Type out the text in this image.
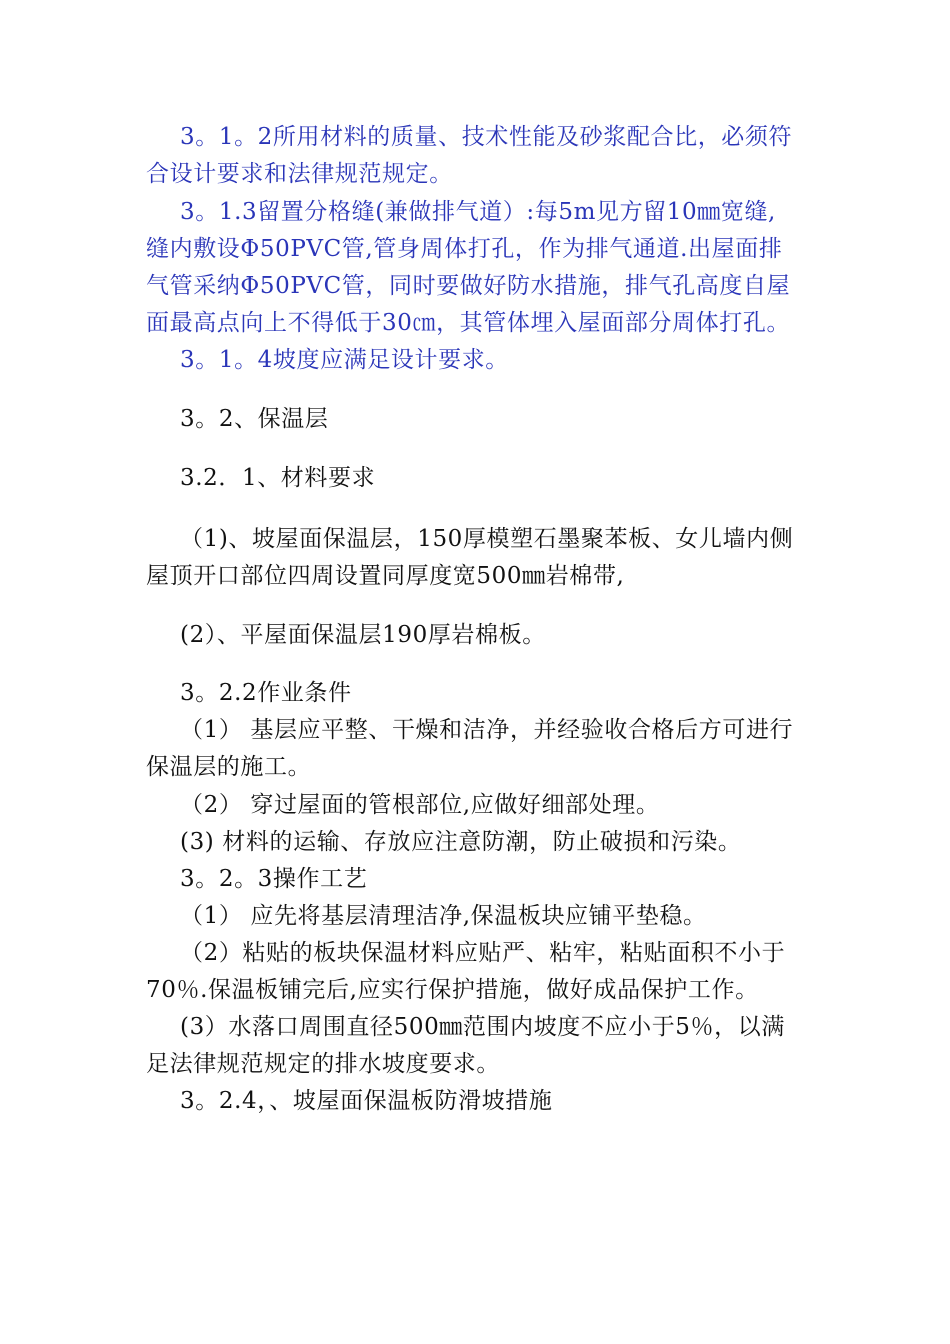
3。1。2所用材料的质量、技术性能及砂浆配合比，必须符
合设计要求和法律规范规定。
3。1.3留置分格缝(兼做排气道）:每5m见方留10㎜宽缝,
缝内敷设Φ50PVC管,管身周体打孔，作为排气通道.出屋面排
气管采纳Φ50PVC管，同时要做好防水措施，排气孔高度自屋
面最高点向上不得低于30㎝，其管体埋入屋面部分周体打孔。
3。1。4坡度应满足设计要求。
3。2、保温层
3.2．1、材料要求
（1)、坡屋面保温层，150厚模塑石墨聚苯板、女儿墙内侧
屋顶开口部位四周设置同厚度宽500㎜岩棉带,
(2）、平屋面保温层190厚岩棉板。
3。2.2作业条件
（1） 基层应平整、干燥和洁净，并经验收合格后方可进行
保温层的施工。
（2） 穿过屋面的管根部位,应做好细部处理。
(3) 材料的运输、存放应注意防潮，防止破损和污染。
3。2。3操作工艺
（1） 应先将基层清理洁净,保温板块应铺平垫稳。
（2）粘贴的板块保温材料应贴严、粘牢，粘贴面积不小于
70％.保温板铺完后,应实行保护措施，做好成品保护工作。
(3）水落口周围直径500㎜范围内坡度不应小于5％，以满
足法律规范规定的排水坡度要求。
3。2.4，、坡屋面保温板防滑坡措施
